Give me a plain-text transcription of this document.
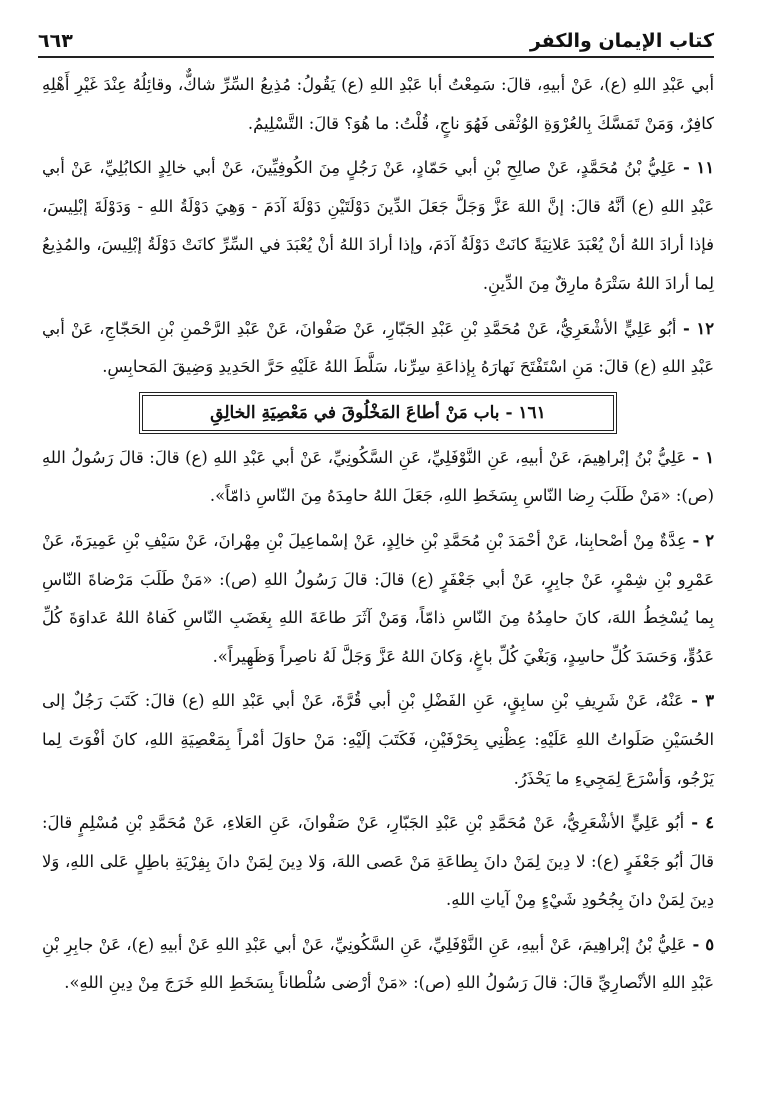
كتاب الإيمان والكفر
٦٦٣

أبي عَبْدِ اللهِ (ع)، عَنْ أبيهِ، قالَ: سَمِعْتُ أبا عَبْدِ اللهِ (ع) يَقُولُ: مُذِيعُ السِّرِّ شاكٌّ، وقائِلُهُ عِنْدَ غَيْرِ أَهْلِهِ كافِرٌ، وَمَنْ تَمَسَّكَ بِالعُرْوَةِ الوُثْقى فَهُوَ ناجٍ، قُلْتُ: ما هُوَ؟ قالَ: التَّسْلِيمُ.

١١ - عَلِيُّ بْنُ مُحَمَّدٍ، عَنْ صالِحِ بْنِ أبي حَمّادٍ، عَنْ رَجُلٍ مِنَ الكُوفِيِّينَ، عَنْ أبي خالِدٍ الكابُلِيِّ، عَنْ أبي عَبْدِ اللهِ (ع) أنَّهُ قالَ: إنَّ اللهَ عَزَّ وَجَلَّ جَعَلَ الدِّينَ دَوْلَتَيْنِ دَوْلَةَ آدَمَ - وَهِيَ دَوْلَةُ اللهِ - وَدَوْلَةَ إبْلِيسَ، فإذا أرادَ اللهُ أنْ يُعْبَدَ عَلانِيَةً كانَتْ دَوْلَةُ آدَمَ، وإذا أرادَ اللهُ أنْ يُعْبَدَ في السِّرِّ كانَتْ دَوْلَةُ إبْلِيسَ، والمُذِيعُ لِما أرادَ اللهُ سَتْرَهُ مارِقٌ مِنَ الدِّينِ.

١٢ - أبُو عَلِيٍّ الأشْعَرِيُّ، عَنْ مُحَمَّدِ بْنِ عَبْدِ الجَبّارِ، عَنْ صَفْوانَ، عَنْ عَبْدِ الرَّحْمنِ بْنِ الحَجّاجِ، عَنْ أبي عَبْدِ اللهِ (ع) قالَ: مَنِ اسْتَفْتَحَ نَهارَهُ بِإذاعَةِ سِرِّنا، سَلَّطَ اللهُ عَلَيْهِ حَرَّ الحَدِيدِ وَضِيقَ المَحابِسِ.

١٦١ - باب مَنْ أطاعَ المَخْلُوقَ في مَعْصِيَةِ الخالِقِ

١ - عَلِيُّ بْنُ إبْراهِيمَ، عَنْ أبيهِ، عَنِ النَّوْفَلِيِّ، عَنِ السَّكُونِيِّ، عَنْ أبي عَبْدِ اللهِ (ع) قالَ: قالَ رَسُولُ اللهِ (ص): «مَنْ طَلَبَ رِضا النّاسِ بِسَخَطِ اللهِ، جَعَلَ اللهُ حامِدَهُ مِنَ النّاسِ ذامّاً».

٢ - عِدَّةٌ مِنْ أصْحابِنا، عَنْ أحْمَدَ بْنِ مُحَمَّدِ بْنِ خالِدٍ، عَنْ إسْماعِيلَ بْنِ مِهْرانَ، عَنْ سَيْفِ بْنِ عَمِيرَةَ، عَنْ عَمْرِو بْنِ شِمْرٍ، عَنْ جابِرٍ، عَنْ أبي جَعْفَرٍ (ع) قالَ: قالَ رَسُولُ اللهِ (ص): «مَنْ طَلَبَ مَرْضاةَ النّاسِ بِما يُسْخِطُ اللهَ، كانَ حامِدُهُ مِنَ النّاسِ ذامّاً، وَمَنْ آثَرَ طاعَةَ اللهِ بِغَضَبِ النّاسِ كَفاهُ اللهُ عَداوَةَ كُلِّ عَدُوٍّ، وَحَسَدَ كُلِّ حاسِدٍ، وَبَغْيَ كُلِّ باغٍ، وَكانَ اللهُ عَزَّ وَجَلَّ لَهُ ناصِراً وَظَهِيراً».

٣ - عَنْهُ، عَنْ شَرِيفِ بْنِ سابِقٍ، عَنِ الفَضْلِ بْنِ أبي قُرَّةَ، عَنْ أبي عَبْدِ اللهِ (ع) قالَ: كَتَبَ رَجُلٌ إلى الحُسَيْنِ صَلَواتُ اللهِ عَلَيْهِ: عِظْنِي بِحَرْفَيْنِ، فَكَتَبَ إلَيْهِ: مَنْ حاوَلَ أمْراً بِمَعْصِيَةِ اللهِ، كانَ أفْوَتَ لِما يَرْجُو، وَأسْرَعَ لِمَجِيءِ ما يَحْذَرُ.

٤ - أبُو عَلِيٍّ الأشْعَرِيُّ، عَنْ مُحَمَّدِ بْنِ عَبْدِ الجَبّارِ، عَنْ صَفْوانَ، عَنِ العَلاءِ، عَنْ مُحَمَّدِ بْنِ مُسْلِمٍ قالَ: قالَ أبُو جَعْفَرٍ (ع): لا دِينَ لِمَنْ دانَ بِطاعَةِ مَنْ عَصى اللهَ، وَلا دِينَ لِمَنْ دانَ بِفِرْيَةِ باطِلٍ عَلى اللهِ، وَلا دِينَ لِمَنْ دانَ بِجُحُودِ شَيْءٍ مِنْ آياتِ اللهِ.

٥ - عَلِيُّ بْنُ إبْراهِيمَ، عَنْ أبيهِ، عَنِ النَّوْفَلِيِّ، عَنِ السَّكُونِيِّ، عَنْ أبي عَبْدِ اللهِ عَنْ أبيهِ (ع)، عَنْ جابِرِ بْنِ عَبْدِ اللهِ الأنْصارِيِّ قالَ: قالَ رَسُولُ اللهِ (ص): «مَنْ أرْضى سُلْطاناً بِسَخَطِ اللهِ خَرَجَ مِنْ دِينِ اللهِ».
